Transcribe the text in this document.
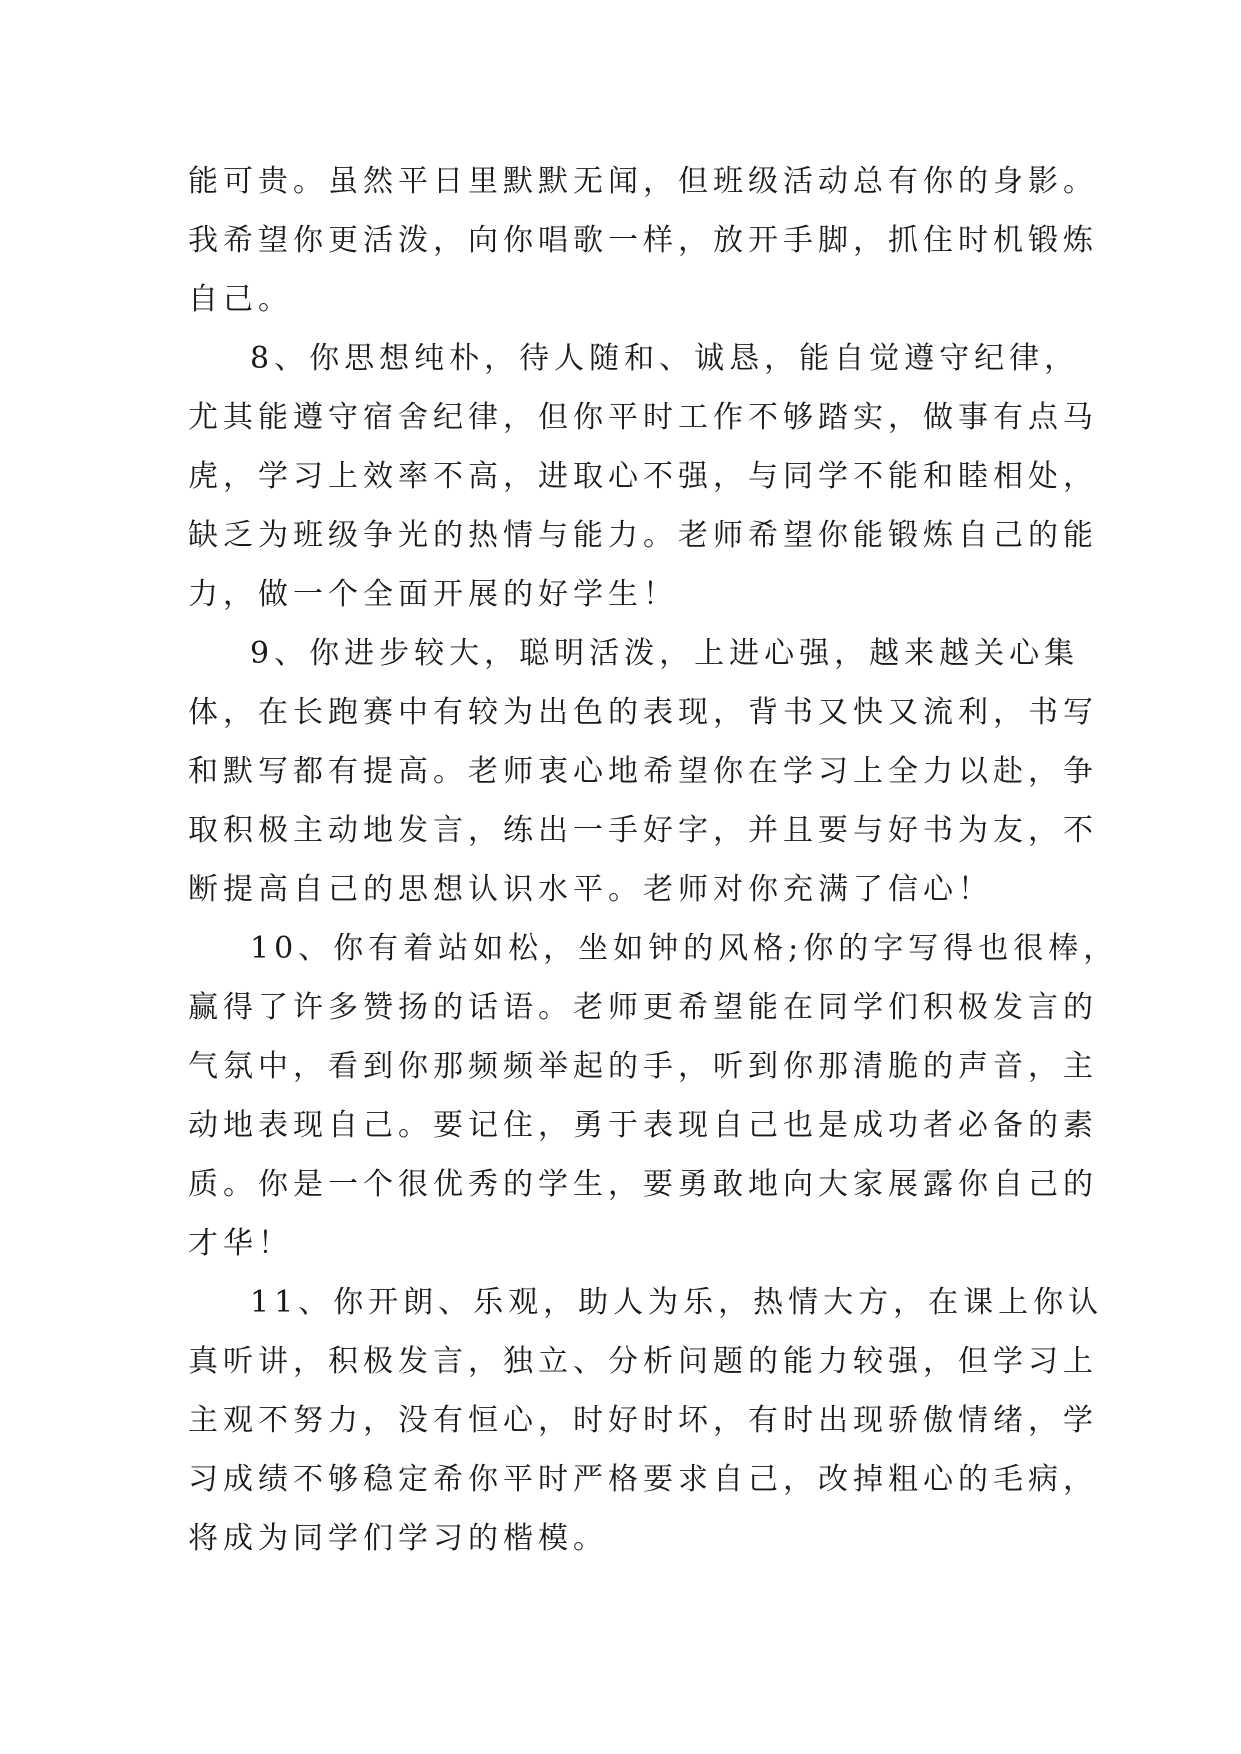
能可贵。虽然平日里默默无闻，但班级活动总有你的身影。
我希望你更活泼，向你唱歌一样，放开手脚，抓住时机锻炼
自己。
8、你思想纯朴，待人随和、诚恳，能自觉遵守纪律，
尤其能遵守宿舍纪律，但你平时工作不够踏实，做事有点马
虎，学习上效率不高，进取心不强，与同学不能和睦相处，
缺乏为班级争光的热情与能力。老师希望你能锻炼自己的能
力，做一个全面开展的好学生！
9、你进步较大，聪明活泼，上进心强，越来越关心集
体，在长跑赛中有较为出色的表现，背书又快又流利，书写
和默写都有提高。老师衷心地希望你在学习上全力以赴，争
取积极主动地发言，练出一手好字，并且要与好书为友，不
断提高自己的思想认识水平。老师对你充满了信心！
10、你有着站如松，坐如钟的风格;你的字写得也很棒，
赢得了许多赞扬的话语。老师更希望能在同学们积极发言的
气氛中，看到你那频频举起的手，听到你那清脆的声音，主
动地表现自己。要记住，勇于表现自己也是成功者必备的素
质。你是一个很优秀的学生，要勇敢地向大家展露你自己的
才华！
11、你开朗、乐观，助人为乐，热情大方，在课上你认
真听讲，积极发言，独立、分析问题的能力较强，但学习上
主观不努力，没有恒心，时好时坏，有时出现骄傲情绪，学
习成绩不够稳定希你平时严格要求自己，改掉粗心的毛病，
将成为同学们学习的楷模。
